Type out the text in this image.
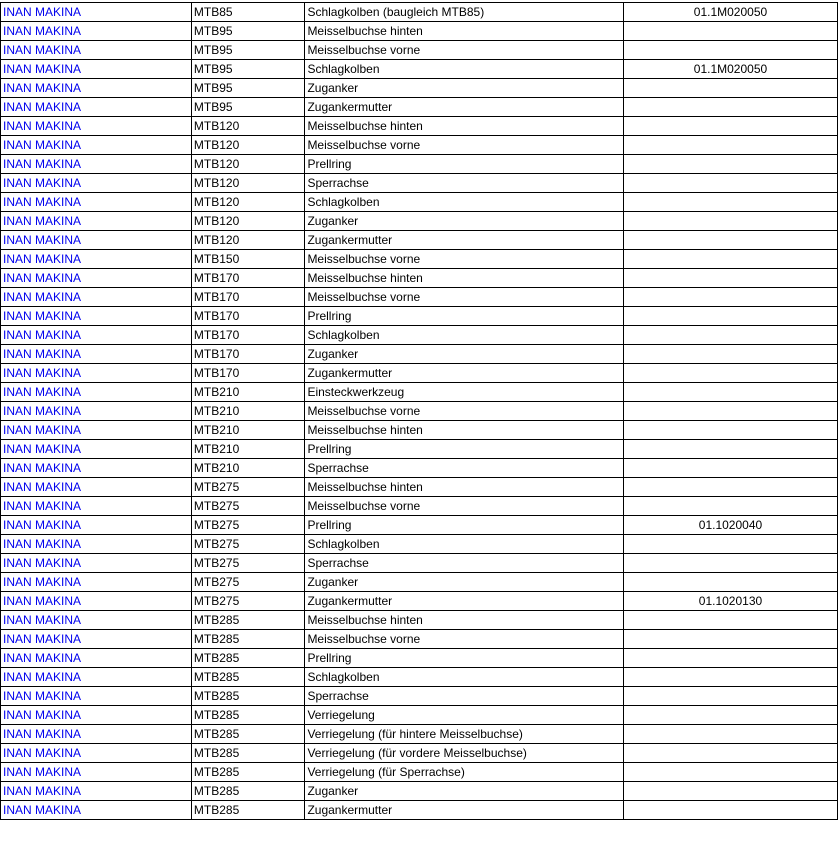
INAN MAKINA	MTB85	Schlagkolben (baugleich MTB85)	01.1M020050
INAN MAKINA	MTB95	Meisselbuchse hinten	
INAN MAKINA	MTB95	Meisselbuchse vorne	
INAN MAKINA	MTB95	Schlagkolben	01.1M020050
INAN MAKINA	MTB95	Zuganker	
INAN MAKINA	MTB95	Zugankermutter	
INAN MAKINA	MTB120	Meisselbuchse hinten	
INAN MAKINA	MTB120	Meisselbuchse vorne	
INAN MAKINA	MTB120	Prellring	
INAN MAKINA	MTB120	Sperrachse	
INAN MAKINA	MTB120	Schlagkolben	
INAN MAKINA	MTB120	Zuganker	
INAN MAKINA	MTB120	Zugankermutter	
INAN MAKINA	MTB150	Meisselbuchse vorne	
INAN MAKINA	MTB170	Meisselbuchse hinten	
INAN MAKINA	MTB170	Meisselbuchse vorne	
INAN MAKINA	MTB170	Prellring	
INAN MAKINA	MTB170	Schlagkolben	
INAN MAKINA	MTB170	Zuganker	
INAN MAKINA	MTB170	Zugankermutter	
INAN MAKINA	MTB210	Einsteckwerkzeug	
INAN MAKINA	MTB210	Meisselbuchse vorne	
INAN MAKINA	MTB210	Meisselbuchse hinten	
INAN MAKINA	MTB210	Prellring	
INAN MAKINA	MTB210	Sperrachse	
INAN MAKINA	MTB275	Meisselbuchse hinten	
INAN MAKINA	MTB275	Meisselbuchse vorne	
INAN MAKINA	MTB275	Prellring	01.1020040
INAN MAKINA	MTB275	Schlagkolben	
INAN MAKINA	MTB275	Sperrachse	
INAN MAKINA	MTB275	Zuganker	
INAN MAKINA	MTB275	Zugankermutter	01.1020130
INAN MAKINA	MTB285	Meisselbuchse hinten	
INAN MAKINA	MTB285	Meisselbuchse vorne	
INAN MAKINA	MTB285	Prellring	
INAN MAKINA	MTB285	Schlagkolben	
INAN MAKINA	MTB285	Sperrachse	
INAN MAKINA	MTB285	Verriegelung	
INAN MAKINA	MTB285	Verriegelung (für hintere Meisselbuchse)	
INAN MAKINA	MTB285	Verriegelung (für vordere Meisselbuchse)	
INAN MAKINA	MTB285	Verriegelung (für Sperrachse)	
INAN MAKINA	MTB285	Zuganker	
INAN MAKINA	MTB285	Zugankermutter	
